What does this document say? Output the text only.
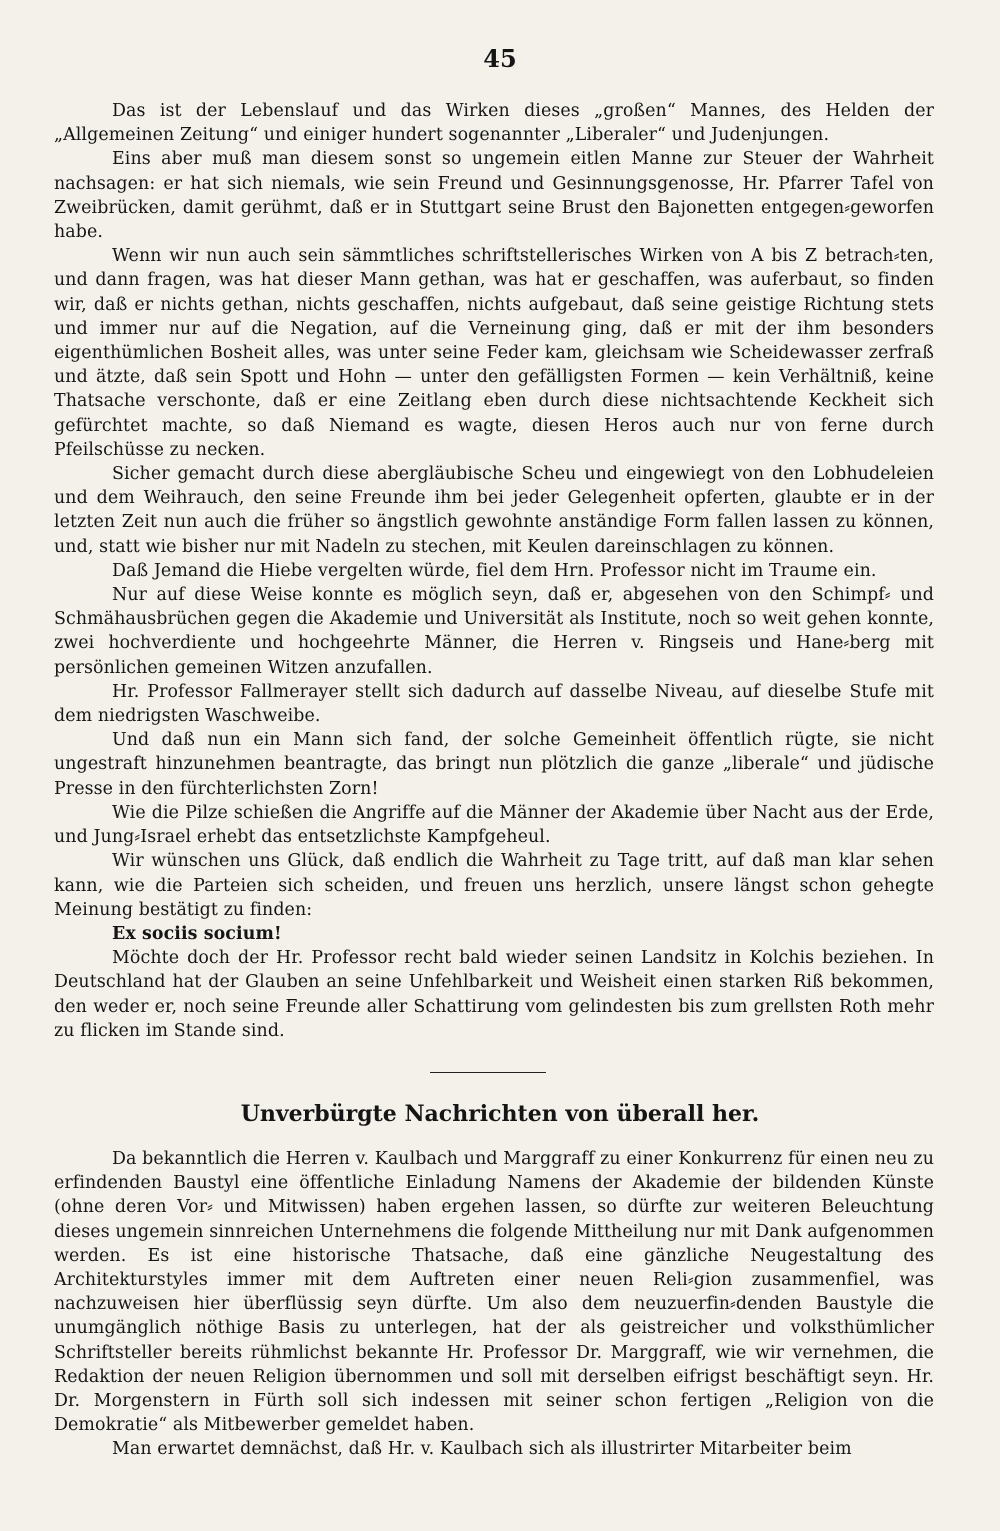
45

Das ist der Lebenslauf und das Wirken dieses „großen“ Mannes, des Helden der „Allgemeinen Zeitung“ und einiger hundert sogenannter „Liberaler“ und Judenjungen.

Eins aber muß man diesem sonst so ungemein eitlen Manne zur Steuer der Wahrheit nachsagen: er hat sich niemals, wie sein Freund und Gesinnungsgenosse, Hr. Pfarrer Tafel von Zweibrücken, damit gerühmt, daß er in Stuttgart seine Brust den Bajonetten entgegen⸗geworfen habe.

Wenn wir nun auch sein sämmtliches schriftstellerisches Wirken von A bis Z betrach⸗ten, und dann fragen, was hat dieser Mann gethan, was hat er geschaffen, was auferbaut, so finden wir, daß er nichts gethan, nichts geschaffen, nichts aufgebaut, daß seine geistige Richtung stets und immer nur auf die Negation, auf die Verneinung ging, daß er mit der ihm besonders eigenthümlichen Bosheit alles, was unter seine Feder kam, gleichsam wie Scheidewasser zerfraß und ätzte, daß sein Spott und Hohn — unter den gefälligsten Formen — kein Verhältniß, keine Thatsache verschonte, daß er eine Zeitlang eben durch diese nichtsachtende Keckheit sich gefürchtet machte, so daß Niemand es wagte, diesen Heros auch nur von ferne durch Pfeilschüsse zu necken.

Sicher gemacht durch diese abergläubische Scheu und eingewiegt von den Lobhudeleien und dem Weihrauch, den seine Freunde ihm bei jeder Gelegenheit opferten, glaubte er in der letzten Zeit nun auch die früher so ängstlich gewohnte anständige Form fallen lassen zu können, und, statt wie bisher nur mit Nadeln zu stechen, mit Keulen dareinschlagen zu können.

Daß Jemand die Hiebe vergelten würde, fiel dem Hrn. Professor nicht im Traume ein.

Nur auf diese Weise konnte es möglich seyn, daß er, abgesehen von den Schimpf⸗ und Schmähausbrüchen gegen die Akademie und Universität als Institute, noch so weit gehen konnte, zwei hochverdiente und hochgeehrte Männer, die Herren v. Ringseis und Hane⸗berg mit persönlichen gemeinen Witzen anzufallen.

Hr. Professor Fallmerayer stellt sich dadurch auf dasselbe Niveau, auf dieselbe Stufe mit dem niedrigsten Waschweibe.

Und daß nun ein Mann sich fand, der solche Gemeinheit öffentlich rügte, sie nicht ungestraft hinzunehmen beantragte, das bringt nun plötzlich die ganze „liberale“ und jüdische Presse in den fürchterlichsten Zorn!

Wie die Pilze schießen die Angriffe auf die Männer der Akademie über Nacht aus der Erde, und Jung⸗Israel erhebt das entsetzlichste Kampfgeheul.

Wir wünschen uns Glück, daß endlich die Wahrheit zu Tage tritt, auf daß man klar sehen kann, wie die Parteien sich scheiden, und freuen uns herzlich, unsere längst schon gehegte Meinung bestätigt zu finden:

Ex sociis socium!

Möchte doch der Hr. Professor recht bald wieder seinen Landsitz in Kolchis beziehen. In Deutschland hat der Glauben an seine Unfehlbarkeit und Weisheit einen starken Riß bekommen, den weder er, noch seine Freunde aller Schattirung vom gelindesten bis zum grellsten Roth mehr zu flicken im Stande sind.

Unverbürgte Nachrichten von überall her.

Da bekanntlich die Herren v. Kaulbach und Marggraff zu einer Konkurrenz für einen neu zu erfindenden Baustyl eine öffentliche Einladung Namens der Akademie der bildenden Künste (ohne deren Vor⸗ und Mitwissen) haben ergehen lassen, so dürfte zur weiteren Beleuchtung dieses ungemein sinnreichen Unternehmens die folgende Mittheilung nur mit Dank aufgenommen werden. Es ist eine historische Thatsache, daß eine gänzliche Neugestaltung des Architekturstyles immer mit dem Auftreten einer neuen Reli⸗gion zusammenfiel, was nachzuweisen hier überflüssig seyn dürfte. Um also dem neuzuerfin⸗denden Baustyle die unumgänglich nöthige Basis zu unterlegen, hat der als geistreicher und volksthümlicher Schriftsteller bereits rühmlichst bekannte Hr. Professor Dr. Marggraff, wie wir vernehmen, die Redaktion der neuen Religion übernommen und soll mit derselben eifrigst beschäftigt seyn. Hr. Dr. Morgenstern in Fürth soll sich indessen mit seiner schon fertigen „Religion von die Demokratie“ als Mitbewerber gemeldet haben.

Man erwartet demnächst, daß Hr. v. Kaulbach sich als illustrirter Mitarbeiter beim
